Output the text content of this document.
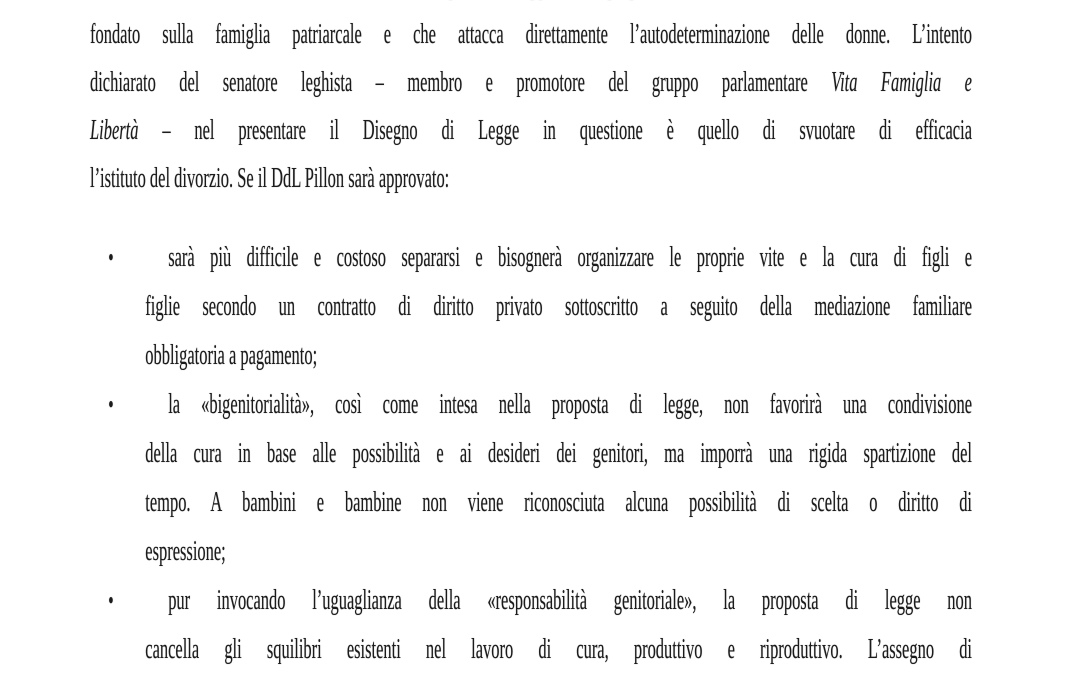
fondato sulla famiglia patriarcale e che attacca direttamente l’autodeterminazione delle donne. L’intento
dichiarato del senatore leghista – membro e promotore del gruppo parlamentare Vita Famiglia e
Libertà – nel presentare il Disegno di Legge in questione è quello di svuotare di efficacia
l’istituto del divorzio. Se il DdL Pillon sarà approvato:
•	sarà più difficile e costoso separarsi e bisognerà organizzare le proprie vite e la cura di figli e
figlie secondo un contratto di diritto privato sottoscritto a seguito della mediazione familiare
obbligatoria a pagamento;
•	la «bigenitorialità», così come intesa nella proposta di legge, non favorirà una condivisione
della cura in base alle possibilità e ai desideri dei genitori, ma imporrà una rigida spartizione del
tempo. A bambini e bambine non viene riconosciuta alcuna possibilità di scelta o diritto di
espressione;
•	pur invocando l’uguaglianza della «responsabilità genitoriale», la proposta di legge non
cancella gli squilibri esistenti nel lavoro di cura, produttivo e riproduttivo. L’assegno di
